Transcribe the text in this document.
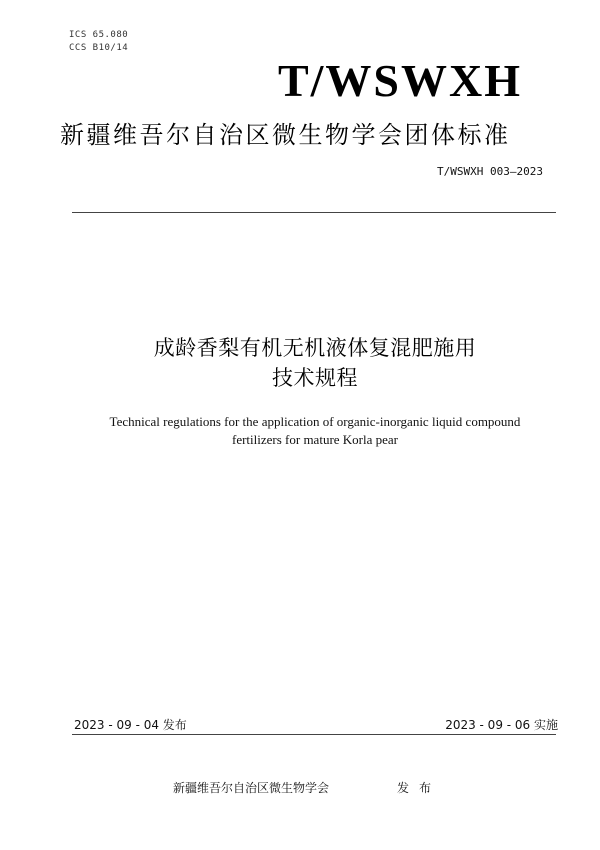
ICS 65.080
CCS B10/14
T/WSWXH
新疆维吾尔自治区微生物学会团体标准
T/WSWXH 003—2023
成龄香梨有机无机液体复混肥施用
技术规程
Technical regulations for the application of organic-inorganic liquid compound
fertilizers for mature Korla pear
2023 - 09 - 04 发布	2023 - 09 - 06 实施
新疆维吾尔自治区微生物学会	发布
